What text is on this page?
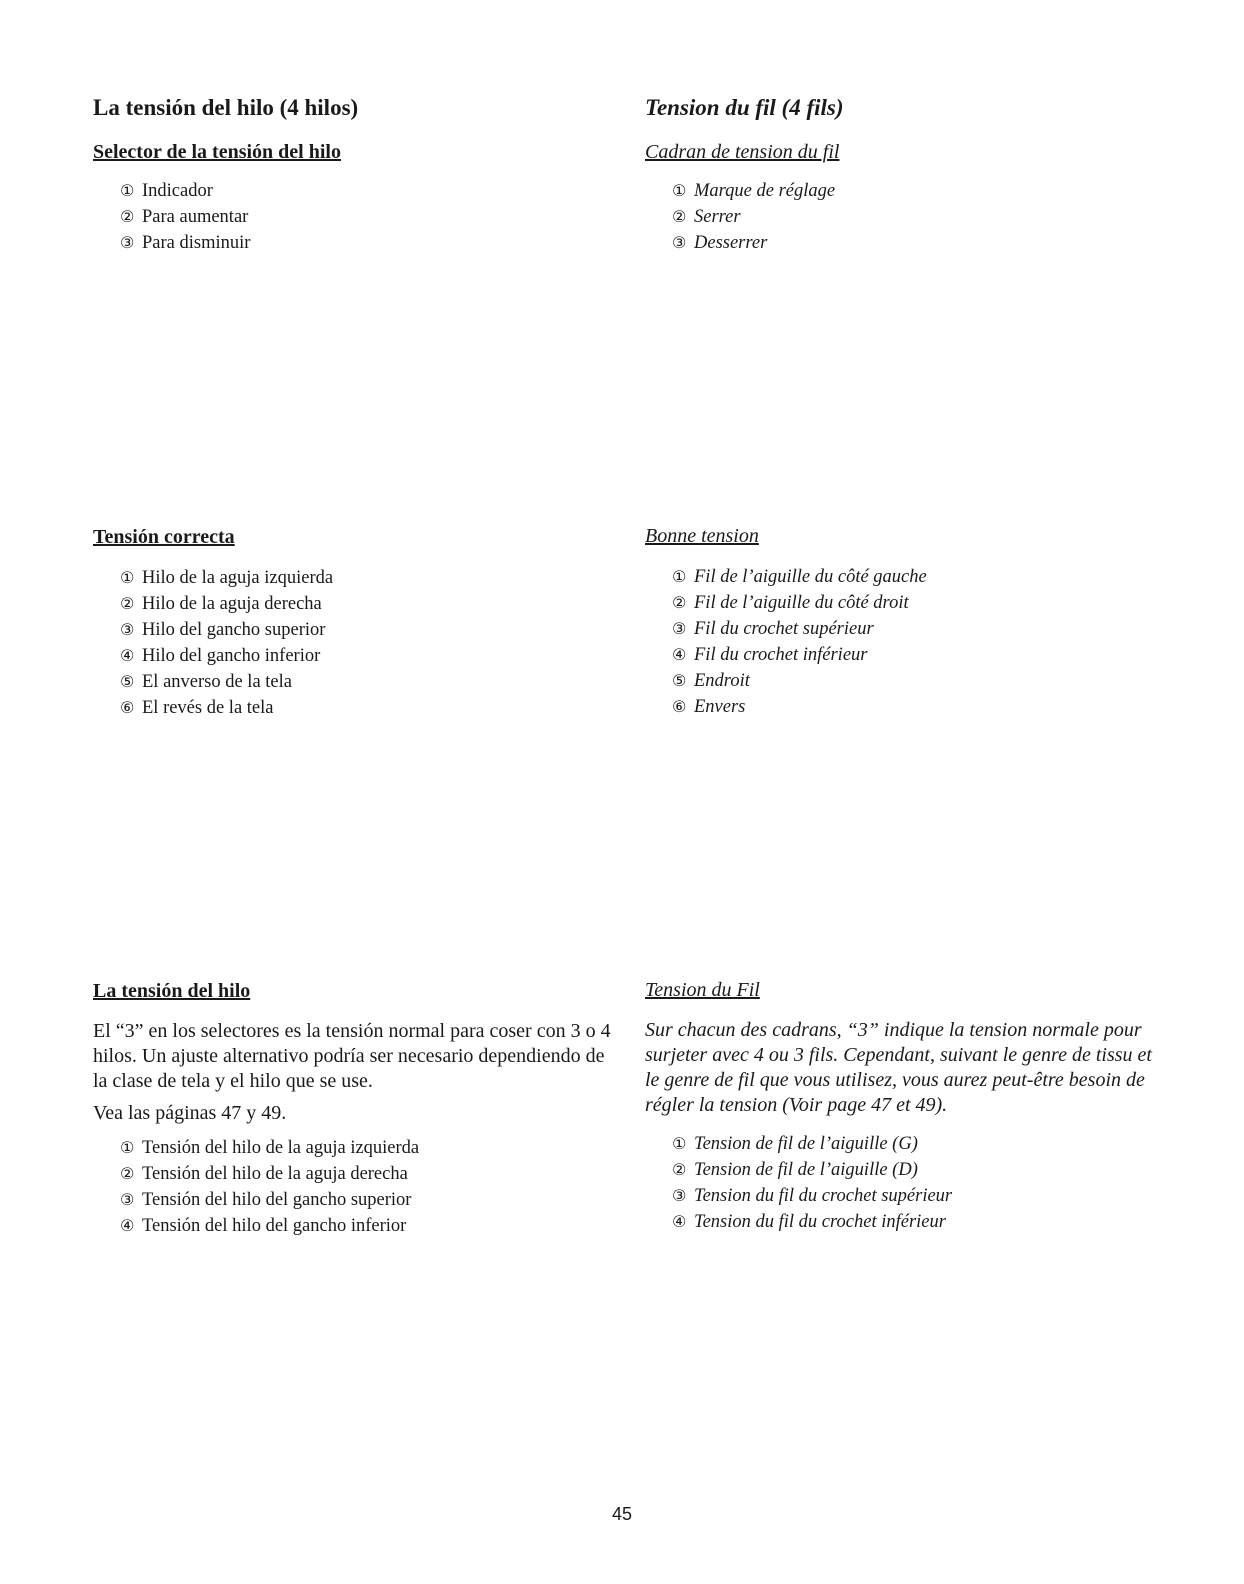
La tensión del hilo (4 hilos)
Selector de la tensión del hilo
① Indicador
② Para aumentar
③ Para disminuir
Tensión correcta
① Hilo de la aguja izquierda
② Hilo de la aguja derecha
③ Hilo del gancho superior
④ Hilo del gancho inferior
⑤ El anverso de la tela
⑥ El revés de la tela
La tensión del hilo

El “3” en los selectores es la tensión normal para coser con 3 o 4 hilos. Un ajuste alternativo podría ser necesario dependiendo de la clase de tela y el hilo que se use.

Vea las páginas 47 y 49.

① Tensión del hilo de la aguja izquierda
② Tensión del hilo de la aguja derecha
③ Tensión del hilo del gancho superior
④ Tensión del hilo del gancho inferior
Tension du fil (4 fils)
Cadran de tension du fil
① Marque de réglage
② Serrer
③ Desserrer
Bonne tension
① Fil de l’aiguille du côté gauche
② Fil de l’aiguille du côté droit
③ Fil du crochet supérieur
④ Fil du crochet inférieur
⑤ Endroit
⑥ Envers
Tension du Fil

Sur chacun des cadrans, “3” indique la tension normale pour surjeter avec 4 ou 3 fils. Cependant, suivant le genre de tissu et le genre de fil que vous utilisez, vous aurez peut-être besoin de régler la tension (Voir page 47 et 49).

① Tension de fil de l’aiguille (G)
② Tension de fil de l’aiguille (D)
③ Tension du fil du crochet supérieur
④ Tension du fil du crochet inférieur
45
